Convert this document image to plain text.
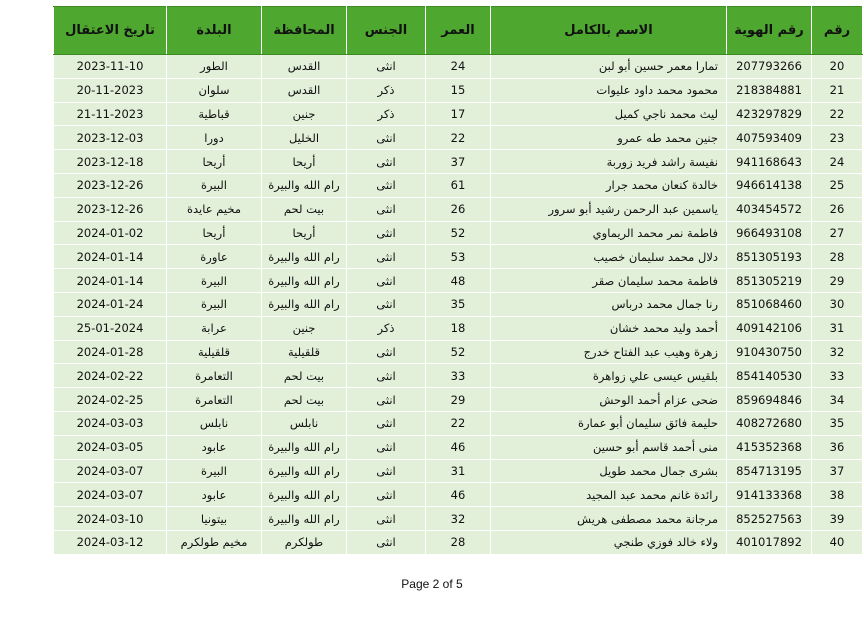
تاريخ الاعتقال	البلدة	المحافظة	الجنس	العمر	الاسم بالكامل	رقم الهوية	رقم
2023-11-10	الطور	القدس	انثى	24	تمارا معمر حسين أبو لبن	207793266	20
20-11-2023	سلوان	القدس	ذكر	15	محمود محمد داود عليوات	218384881	21
21-11-2023	قباطية	جنين	ذكر	17	ليث محمد ناجي كميل	423297829	22
2023-12-03	دورا	الخليل	انثى	22	جنين محمد طه عمرو	407593409	23
2023-12-18	أريحا	أريحا	انثى	37	نفيسة راشد فريد زوربة	941168643	24
2023-12-26	البيرة	رام الله والبيرة	انثى	61	خالدة كنعان محمد جرار	946614138	25
2023-12-26	مخيم عايدة	بيت لحم	انثى	26	ياسمين عبد الرحمن رشيد أبو سرور	403454572	26
2024-01-02	أريحا	أريحا	انثى	52	فاطمة نمر محمد الريماوي	966493108	27
2024-01-14	عاورة	رام الله والبيرة	انثى	53	دلال محمد سليمان خصيب	851305193	28
2024-01-14	البيرة	رام الله والبيرة	انثى	48	فاطمة محمد سليمان صقر	851305219	29
2024-01-24	البيرة	رام الله والبيرة	انثى	35	رنا جمال محمد درباس	851068460	30
25-01-2024	عرابة	جنين	ذكر	18	أحمد وليد محمد خشان	409142106	31
2024-01-28	قلقيلية	قلقيلية	انثى	52	زهرة وهيب عبد الفتاح خدرج	910430750	32
2024-02-22	التعامرة	بيت لحم	انثى	33	بلقيس عيسى علي زواهرة	854140530	33
2024-02-25	التعامرة	بيت لحم	انثى	29	ضحى عزام أحمد الوحش	859694846	34
2024-03-03	نابلس	نابلس	انثى	22	حليمة فائق سليمان أبو عمارة	408272680	35
2024-03-05	عابود	رام الله والبيرة	انثى	46	منى أحمد قاسم أبو حسين	415352368	36
2024-03-07	البيرة	رام الله والبيرة	انثى	31	بشرى جمال محمد طويل	854713195	37
2024-03-07	عابود	رام الله والبيرة	انثى	46	رائدة غانم محمد عبد المجيد	914133368	38
2024-03-10	بيتونيا	رام الله والبيرة	انثى	32	مرجانة محمد مصطفى هريش	852527563	39
2024-03-12	مخيم طولكرم	طولكرم	انثى	28	ولاء خالد فوزي طنجي	401017892	40
Page 2 of 5
